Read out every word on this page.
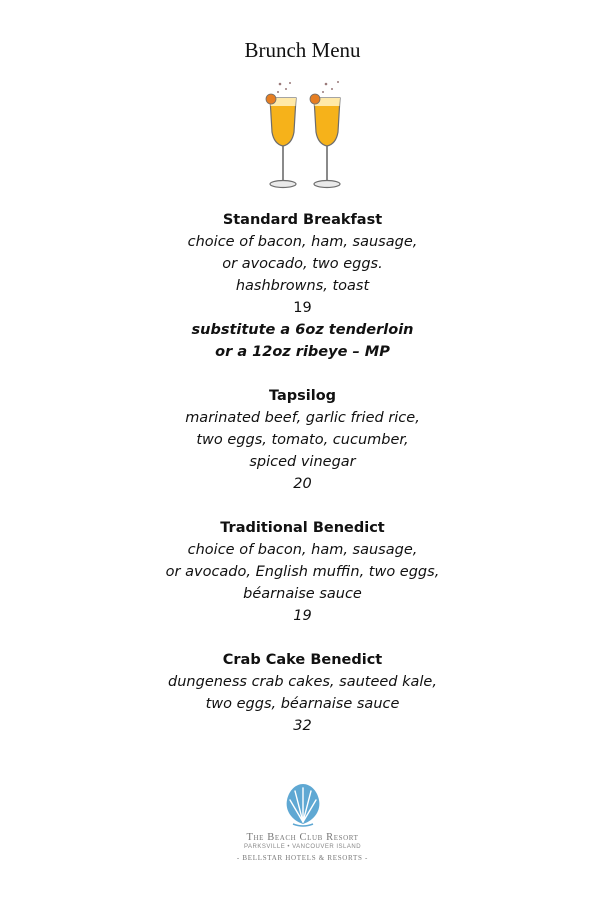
Brunch Menu
Standard Breakfast
choice of bacon, ham, sausage,
or avocado, two eggs.
hashbrowns, toast
19
substitute a 6oz tenderloin
or a 12oz ribeye – MP
Tapsilog
marinated beef, garlic fried rice,
two eggs, tomato, cucumber,
spiced vinegar
20
Traditional Benedict
choice of bacon, ham, sausage,
or avocado, English muffin, two eggs,
béarnaise sauce
19
Crab Cake Benedict
dungeness crab cakes, sauteed kale,
two eggs, béarnaise sauce
32
The Beach Club Resort
PARKSVILLE • VANCOUVER ISLAND
- BELLSTAR HOTELS & RESORTS -
